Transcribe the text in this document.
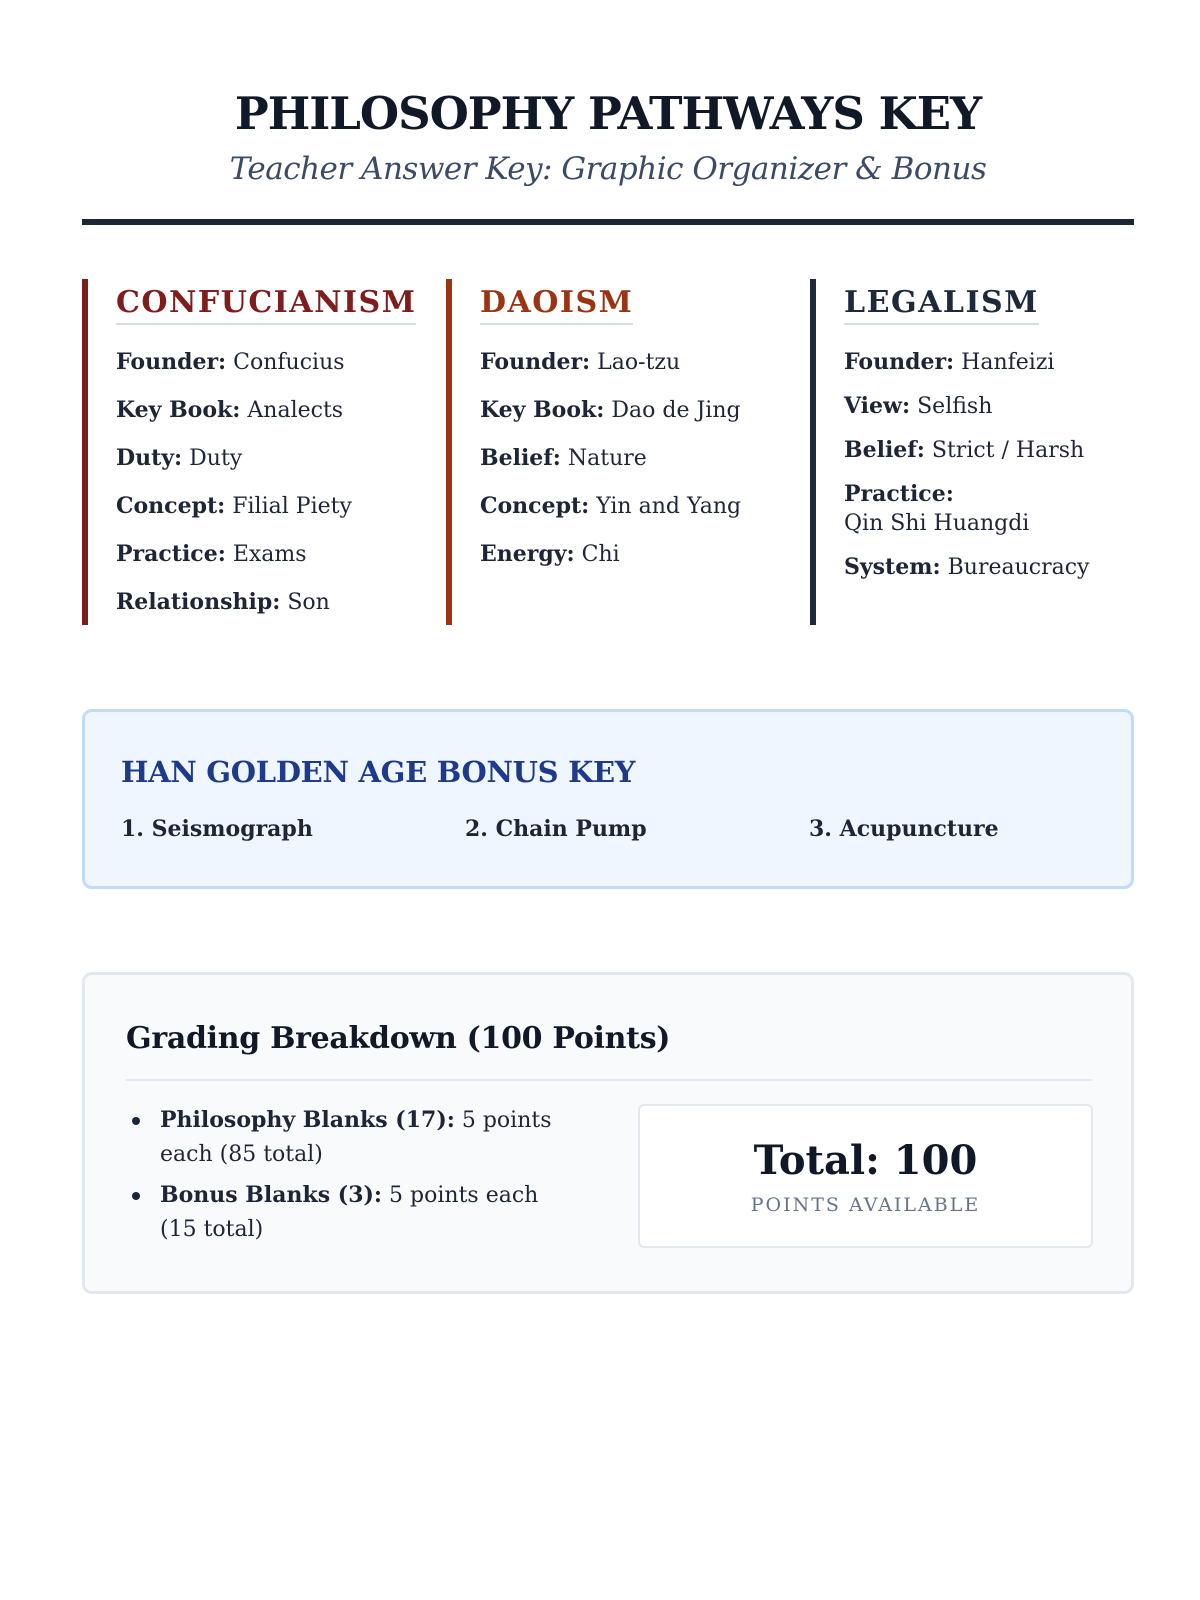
PHILOSOPHY PATHWAYS KEY
Teacher Answer Key: Graphic Organizer & Bonus
CONFUCIANISM
Founder: Confucius
Key Book: Analects
Duty: Duty
Concept: Filial Piety
Practice: Exams
Relationship: Son
DAOISM
Founder: Lao-tzu
Key Book: Dao de Jing
Belief: Nature
Concept: Yin and Yang
Energy: Chi
LEGALISM
Founder: Hanfeizi
View: Selfish
Belief: Strict / Harsh
Practice:
Qin Shi Huangdi
System: Bureaucracy
HAN GOLDEN AGE BONUS KEY
1. Seismograph	2. Chain Pump	3. Acupuncture
Grading Breakdown (100 Points)
Philosophy Blanks (17): 5 points each (85 total)
Bonus Blanks (3): 5 points each (15 total)
Total: 100
POINTS AVAILABLE
